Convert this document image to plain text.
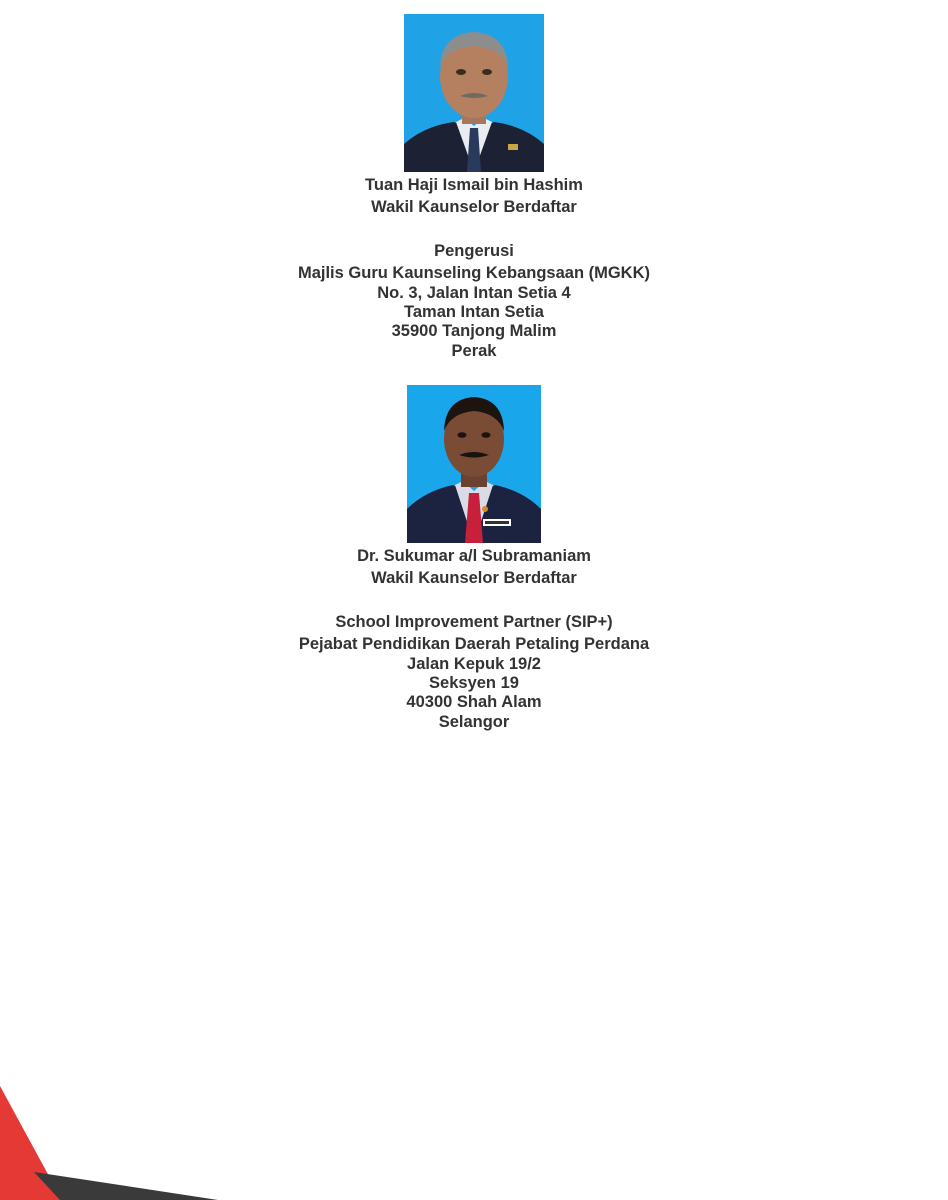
Tuan Haji Ismail bin Hashim
Wakil Kaunselor Berdaftar
Pengerusi
Majlis Guru Kaunseling Kebangsaan (MGKK)
No. 3, Jalan Intan Setia 4
Taman Intan Setia
35900 Tanjong Malim
Perak
Dr. Sukumar a/l Subramaniam
Wakil Kaunselor Berdaftar
School Improvement Partner (SIP+)
Pejabat Pendidikan Daerah Petaling Perdana
Jalan Kepuk 19/2
Seksyen 19
40300 Shah Alam
Selangor
